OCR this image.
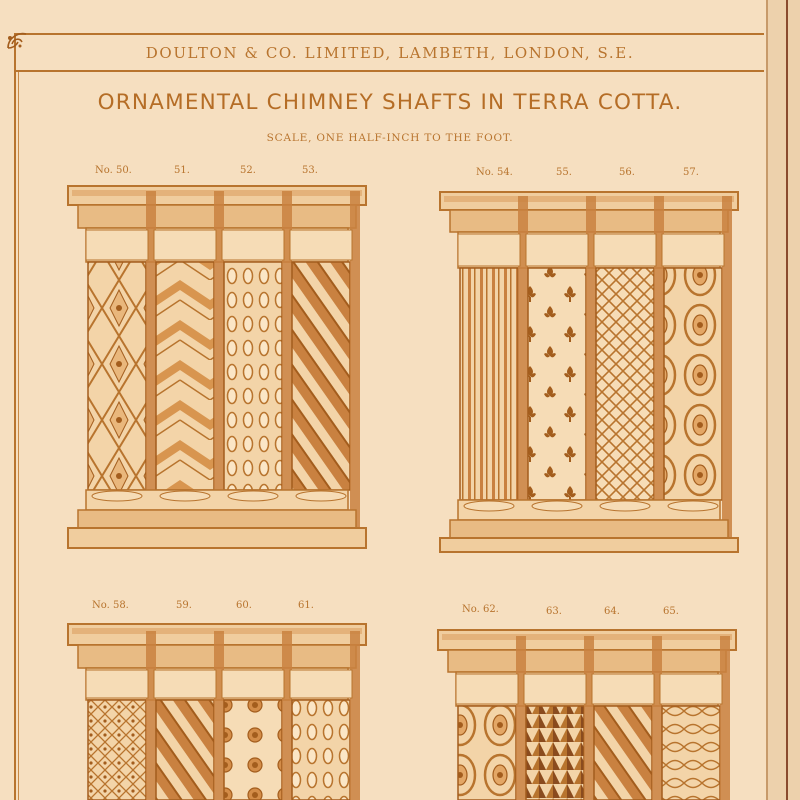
DOULTON & CO. LIMITED, LAMBETH, LONDON, S.E.
ORNAMENTAL CHIMNEY SHAFTS IN TERRA COTTA.
SCALE, ONE HALF-INCH TO THE FOOT.
No. 50.	51.	52.	53.	No. 54.	55.	56.	57.
No. 58.	59.	60.	61.	No. 62.	63.	64.	65.
